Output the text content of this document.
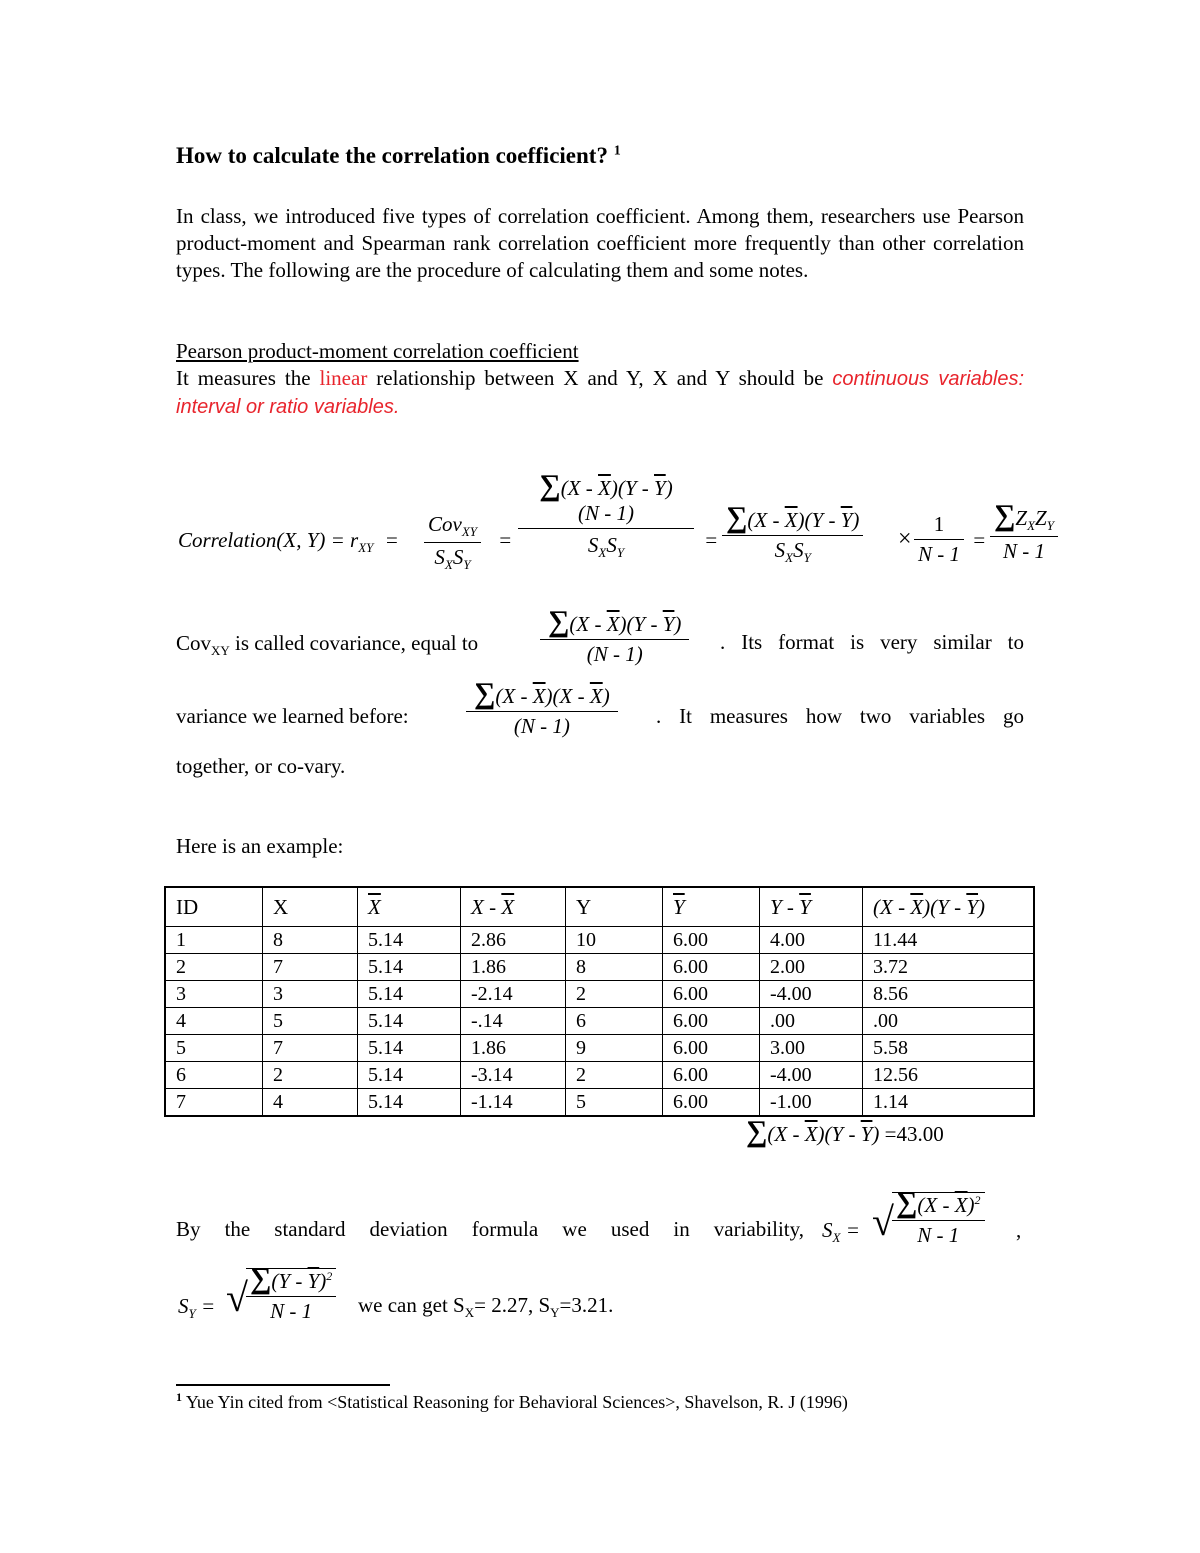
How to calculate the correlation coefficient? $^1$
In class, we introduced five types of correlation coefficient. Among them, researchers use Pearson product-moment and Spearman rank correlation coefficient more frequently than other correlation types. The following are the procedure of calculating them and some notes.
Pearson product-moment correlation coefficient
It measures the linear relationship between X and Y, X and Y should be continuous variables: interval or ratio variables.
Correlation(X, $Y) = r_{XY}$ =
Cov$_{XY}$
$S_XS_Y$
=
$\sum(X - \overline{X})(Y - \overline{Y})$
(N - 1)
$S_XS_Y$
=
$\sum(X - \overline{X})(Y - \overline{Y})$
$S_XS_Y$
× $\frac{1}{N - 1}$ =
$\sum Z_XZ_Y$
N - 1
Cov$_{XY}$ is called covariance, equal to	$\frac{\sum(X - \overline{X})(Y - \overline{Y})}{(N - 1)}$ . Its format is very similar to
variance we learned before: $\frac{\sum(X - \overline{X})(X - \overline{X})}{(N - 1)}$ . It measures how two variables go
together, or co-vary.
Here is an example:
ID	X	$\overline{X}$	X - $\overline{X}$	Y	$\overline{Y}$	Y - $\overline{Y}$	$(X - \overline{X})(Y - \overline{Y})$
1	8	5.14	2.86	10	6.00	4.00	11.44
2	7	5.14	1.86	8	6.00	2.00	3.72
3	3	5.14	-2.14	2	6.00	-4.00	8.56
4	5	5.14	-.14	6	6.00	.00	.00
5	7	5.14	1.86	9	6.00	3.00	5.58
6	2	5.14	-3.14	2	6.00	-4.00	12.56
7	4	5.14	-1.14	5	6.00	-1.00	1.14
$\sum(X - \overline{X})(Y - \overline{Y}) =43.00$
By the standard deviation formula we used in variability, $S_X$ = √
$\frac{\sum(X - \overline{X})^2}{N - 1}$ ,
$S_Y$ = √
$\frac{\sum(Y - \overline{Y})^2}{N - 1}$ we can get $S_X= 2.27$, $S_Y=3.21$.
$^1$ Yue Yin cited from <Statistical Reasoning for Behavioral Sciences>, Shavelson, R. J (1996)
